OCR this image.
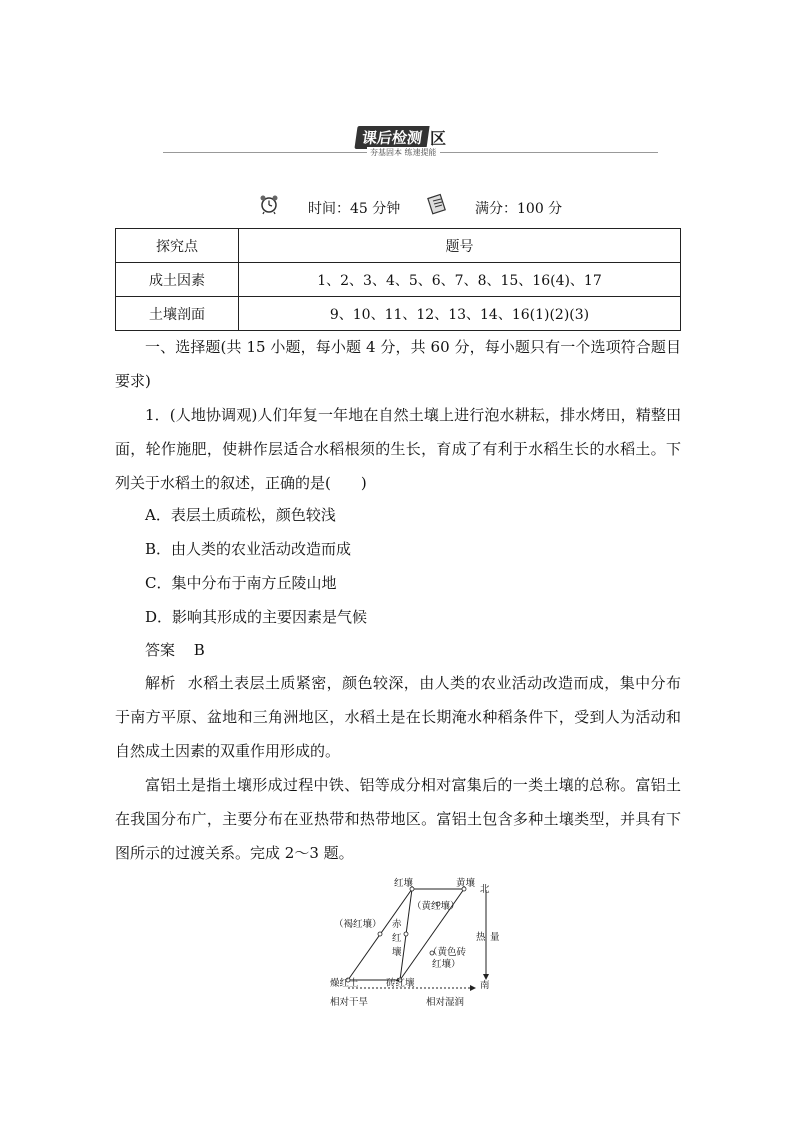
课后检测 区
夯基固本 练速提能
时间：45 分钟	满分：100 分
探究点	题号
成土因素	1、2、3、4、5、6、7、8、15、16(4)、17
土壤剖面	9、10、11、12、13、14、16(1)(2)(3)
一、选择题(共 15 小题，每小题 4 分，共 60 分，每小题只有一个选项符合题目要求)
1．(人地协调观)人们年复一年地在自然土壤上进行泡水耕耘，排水烤田，精整田面，轮作施肥，使耕作层适合水稻根须的生长，育成了有利于水稻生长的水稻土。下列关于水稻土的叙述，正确的是(　　)
A．表层土质疏松，颜色较浅
B．由人类的农业活动改造而成
C．集中分布于南方丘陵山地
D．影响其形成的主要因素是气候
答案 B
解析 水稻土表层土质紧密，颜色较深，由人类的农业活动改造而成，集中分布于南方平原、盆地和三角洲地区，水稻土是在长期淹水种稻条件下，受到人为活动和自然成土因素的双重作用形成的。
富铝土是指土壤形成过程中铁、铝等成分相对富集后的一类土壤的总称。富铝土在我国分布广，主要分布在亚热带和热带地区。富铝土包含多种土壤类型，并具有下图所示的过渡关系。完成 2～3 题。
红壤	黄壤
北
（黄红壤）
（褐红壤） 赤
红
壤
热 量
（黄色砖
红壤）
燥红土	砖红壤	南
相对干旱	相对湿润
